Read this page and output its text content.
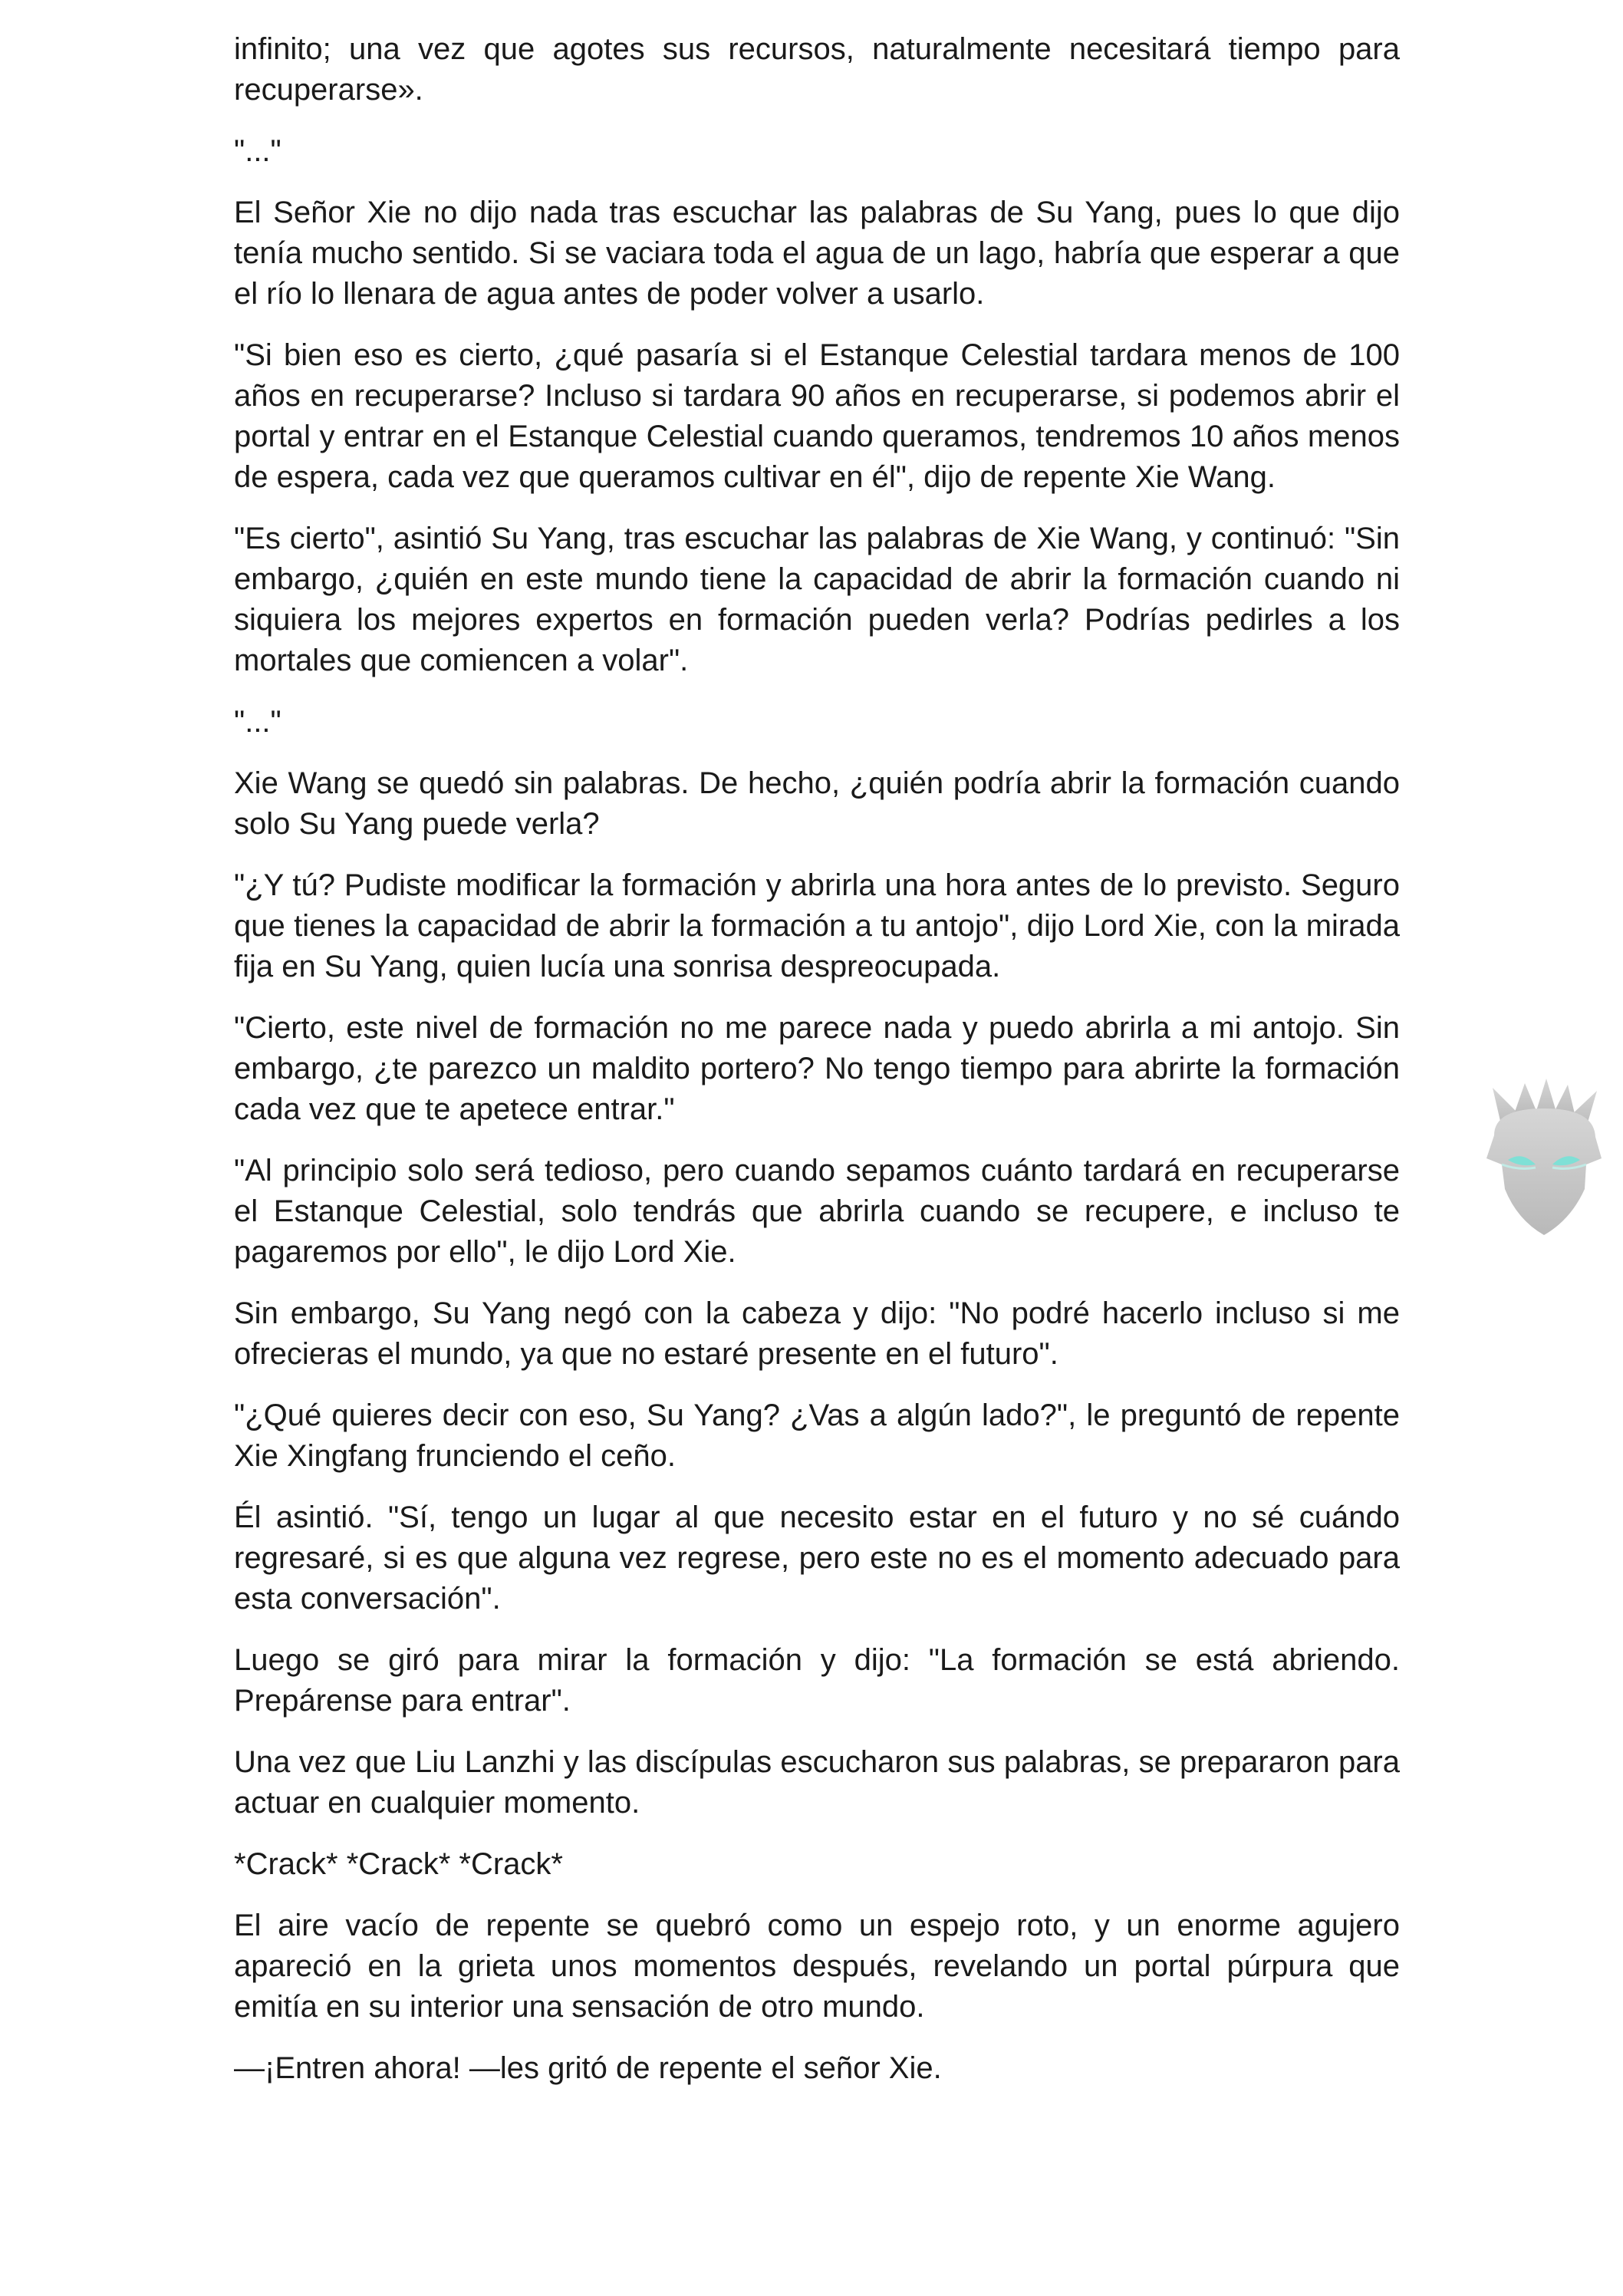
infinito; una vez que agotes sus recursos, naturalmente necesitará tiempo para recuperarse».

"..."

El Señor Xie no dijo nada tras escuchar las palabras de Su Yang, pues lo que dijo tenía mucho sentido. Si se vaciara toda el agua de un lago, habría que esperar a que el río lo llenara de agua antes de poder volver a usarlo.

"Si bien eso es cierto, ¿qué pasaría si el Estanque Celestial tardara menos de 100 años en recuperarse? Incluso si tardara 90 años en recuperarse, si podemos abrir el portal y entrar en el Estanque Celestial cuando queramos, tendremos 10 años menos de espera, cada vez que queramos cultivar en él", dijo de repente Xie Wang.

"Es cierto", asintió Su Yang, tras escuchar las palabras de Xie Wang, y continuó: "Sin embargo, ¿quién en este mundo tiene la capacidad de abrir la formación cuando ni siquiera los mejores expertos en formación pueden verla? Podrías pedirles a los mortales que comiencen a volar".

"..."

Xie Wang se quedó sin palabras. De hecho, ¿quién podría abrir la formación cuando solo Su Yang puede verla?

"¿Y tú? Pudiste modificar la formación y abrirla una hora antes de lo previsto. Seguro que tienes la capacidad de abrir la formación a tu antojo", dijo Lord Xie, con la mirada fija en Su Yang, quien lucía una sonrisa despreocupada.

"Cierto, este nivel de formación no me parece nada y puedo abrirla a mi antojo. Sin embargo, ¿te parezco un maldito portero? No tengo tiempo para abrirte la formación cada vez que te apetece entrar."

"Al principio solo será tedioso, pero cuando sepamos cuánto tardará en recuperarse el Estanque Celestial, solo tendrás que abrirla cuando se recupere, e incluso te pagaremos por ello", le dijo Lord Xie.

Sin embargo, Su Yang negó con la cabeza y dijo: "No podré hacerlo incluso si me ofrecieras el mundo, ya que no estaré presente en el futuro".

"¿Qué quieres decir con eso, Su Yang? ¿Vas a algún lado?", le preguntó de repente Xie Xingfang frunciendo el ceño.

Él asintió. "Sí, tengo un lugar al que necesito estar en el futuro y no sé cuándo regresaré, si es que alguna vez regrese, pero este no es el momento adecuado para esta conversación".

Luego se giró para mirar la formación y dijo: "La formación se está abriendo. Prepárense para entrar".

Una vez que Liu Lanzhi y las discípulas escucharon sus palabras, se prepararon para actuar en cualquier momento.

*Crack* *Crack* *Crack*

El aire vacío de repente se quebró como un espejo roto, y un enorme agujero apareció en la grieta unos momentos después, revelando un portal púrpura que emitía en su interior una sensación de otro mundo.

—¡Entren ahora! —les gritó de repente el señor Xie.
